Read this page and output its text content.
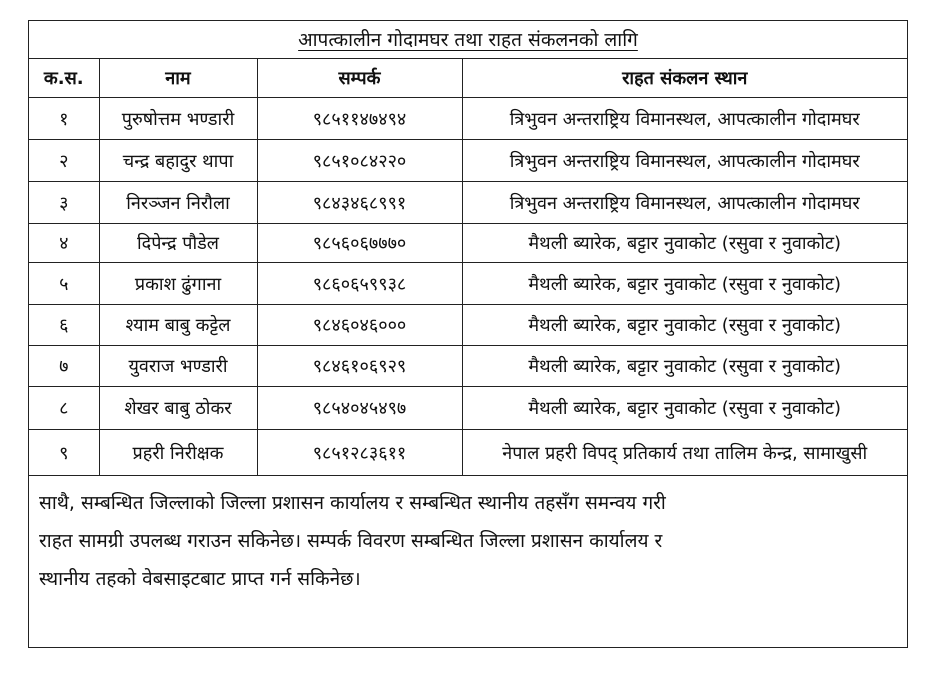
आपत्कालीन गोदामघर तथा राहत संकलनको लागि
क.स.	नाम	सम्पर्क	राहत संकलन स्थान
१	पुरुषोत्तम भण्डारी	९८५११४७४९४	त्रिभुवन अन्तराष्ट्रिय विमानस्थल, आपत्कालीन गोदामघर
२	चन्द्र बहादुर थापा	९८५१०८४२२०	त्रिभुवन अन्तराष्ट्रिय विमानस्थल, आपत्कालीन गोदामघर
३	निरञ्जन निरौला	९८४३४६८९९१	त्रिभुवन अन्तराष्ट्रिय विमानस्थल, आपत्कालीन गोदामघर
४	दिपेन्द्र पौडेल	९८५६०६७७७०	मैथली ब्यारेक, बट्टार नुवाकोट (रसुवा र नुवाकोट)
५	प्रकाश ढुंगाना	९८६०६५९९३८	मैथली ब्यारेक, बट्टार नुवाकोट (रसुवा र नुवाकोट)
६	श्याम बाबु कट्टेल	९८४६०४६०००	मैथली ब्यारेक, बट्टार नुवाकोट (रसुवा र नुवाकोट)
७	युवराज भण्डारी	९८४६१०६९२९	मैथली ब्यारेक, बट्टार नुवाकोट (रसुवा र नुवाकोट)
८	शेखर बाबु ठोकर	९८५४०४५४९७	मैथली ब्यारेक, बट्टार नुवाकोट (रसुवा र नुवाकोट)
९	प्रहरी निरीक्षक	९८५१२८३६११	नेपाल प्रहरी विपद् प्रतिकार्य तथा तालिम केन्द्र, सामाखुसी

साथै, सम्बन्धित जिल्लाको जिल्ला प्रशासन कार्यालय र सम्बन्धित स्थानीय तहसँग समन्वय गरी

राहत सामग्री उपलब्ध गराउन सकिनेछ। सम्पर्क विवरण सम्बन्धित जिल्ला प्रशासन कार्यालय र

स्थानीय तहको वेबसाइटबाट प्राप्त गर्न सकिनेछ।
